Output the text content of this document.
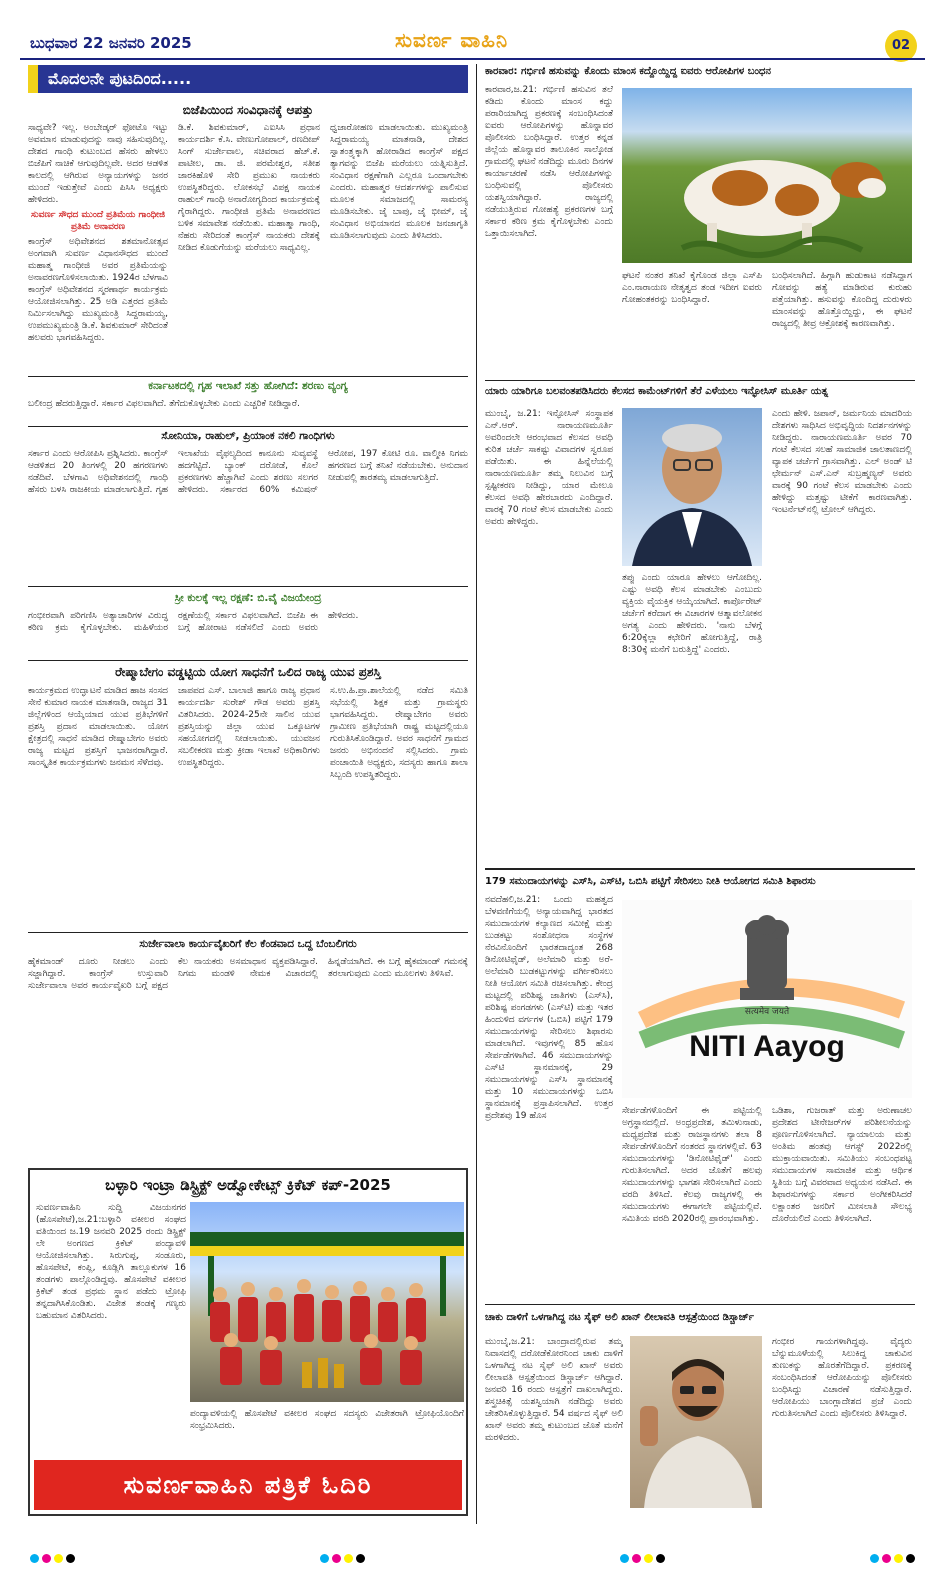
ಬುಧವಾರ 22 ಜನವರಿ 2025	ಸುವರ್ಣ ವಾಹಿನಿ	02
ಮೊದಲನೇ ಪುಟದಿಂದ.....
ಬಿಜೆಪಿಯಿಂದ ಸಂವಿಧಾನಕ್ಕೆ ಆಪತ್ತು
ಸಾಧ್ಯವೇ? ಇಲ್ಲ. ಅಂಬೇಡ್ಕರ್ ಫೋಟೊ ಇಟ್ಟು ಅವಮಾನ ಮಾಡುವುದನ್ನು ನಾವು ಸಹಿಸುವುದಿಲ್ಲ. ದೇಶದ ಗಾಂಧಿ ಕುಟುಂಬದ ಹೆಸರು ಹೇಳಲು ಬಿಜೆಪಿಗೆ ನಾಚಿಕೆ ಆಗುವುದಿಲ್ಲವೇ. ಅದರ ಆಡಳಿತ ಕಾಲದಲ್ಲಿ ಆಗಿರುವ ಅನ್ಯಾಯಗಳನ್ನು ಜನರ ಮುಂದೆ ಇಡುತ್ತೇವೆ ಎಂದು ಪಿಸಿಸಿ ಅಧ್ಯಕ್ಷರು ಹೇಳಿದರು.
ಸುವರ್ಣ ಸೌಧದ ಮುಂದೆ ಪ್ರತಿಮೆಯ ಗಾಂಧೀಜಿ ಪ್ರತಿಮೆ ಅನಾವರಣ
ಕಾಂಗ್ರೆಸ್ ಅಧಿವೇಶನದ ಶತಮಾನೋತ್ಸವ ಅಂಗವಾಗಿ ಸುವರ್ಣ ವಿಧಾನಸೌಧದ ಮುಂದೆ ಮಹಾತ್ಮ ಗಾಂಧೀಜಿ ಅವರ ಪ್ರತಿಮೆಯನ್ನು ಅನಾವರಣಗೊಳಿಸಲಾಯಿತು. 1924ರ ಬೆಳಗಾವಿ ಕಾಂಗ್ರೆಸ್ ಅಧಿವೇಶನದ ಸ್ಮರಣಾರ್ಥ ಕಾರ್ಯಕ್ರಮ ಆಯೋಜಿಸಲಾಗಿತ್ತು. 25 ಅಡಿ ಎತ್ತರದ ಪ್ರತಿಮೆ ನಿರ್ಮಿಸಲಾಗಿದ್ದು ಮುಖ್ಯಮಂತ್ರಿ ಸಿದ್ದರಾಮಯ್ಯ, ಉಪಮುಖ್ಯಮಂತ್ರಿ ಡಿ.ಕೆ. ಶಿವಕುಮಾರ್ ಸೇರಿದಂತೆ ಹಲವರು ಭಾಗವಹಿಸಿದ್ದರು.
ಡಿ.ಕೆ. ಶಿವಕುಮಾರ್, ಎಐಸಿಸಿ ಪ್ರಧಾನ ಕಾರ್ಯದರ್ಶಿ ಕೆ.ಸಿ. ವೇಣುಗೋಪಾಲ್, ರಣದೀಪ್ ಸಿಂಗ್ ಸುರ್ಜೇವಾಲ, ಸಚಿವರಾದ ಹೆಚ್.ಕೆ. ಪಾಟೀಲ, ಡಾ. ಜಿ. ಪರಮೇಶ್ವರ, ಸತೀಶ ಜಾರಕಿಹೊಳಿ ಸೇರಿ ಪ್ರಮುಖ ನಾಯಕರು ಉಪಸ್ಥಿತರಿದ್ದರು. ಲೋಕಸಭೆ ವಿಪಕ್ಷ ನಾಯಕ ರಾಹುಲ್ ಗಾಂಧಿ ಅನಾರೋಗ್ಯದಿಂದ ಕಾರ್ಯಕ್ರಮಕ್ಕೆ ಗೈರಾಗಿದ್ದರು. ಗಾಂಧೀಜಿ ಪ್ರತಿಮೆ ಅನಾವರಣದ ಬಳಿಕ ಸಮಾವೇಶ ನಡೆಯಿತು. ಮಹಾತ್ಮಾ ಗಾಂಧಿ, ನೆಹರು ಸೇರಿದಂತೆ ಕಾಂಗ್ರೆಸ್ ನಾಯಕರು ದೇಶಕ್ಕೆ ನೀಡಿದ ಕೊಡುಗೆಯನ್ನು ಮರೆಯಲು ಸಾಧ್ಯವಿಲ್ಲ.
ಧ್ವಜಾರೋಹಣ ಮಾಡಲಾಯಿತು. ಮುಖ್ಯಮಂತ್ರಿ ಸಿದ್ದರಾಮಯ್ಯ ಮಾತನಾಡಿ, ದೇಶದ ಸ್ವಾತಂತ್ರ್ಯಕ್ಕಾಗಿ ಹೋರಾಡಿದ ಕಾಂಗ್ರೆಸ್ ಪಕ್ಷದ ತ್ಯಾಗವನ್ನು ಬಿಜೆಪಿ ಮರೆಯಲು ಯತ್ನಿಸುತ್ತಿದೆ. ಸಂವಿಧಾನ ರಕ್ಷಣೆಗಾಗಿ ಎಲ್ಲರೂ ಒಂದಾಗಬೇಕು ಎಂದರು. ಮಹಾತ್ಮರ ಆದರ್ಶಗಳನ್ನು ಪಾಲಿಸುವ ಮೂಲಕ ಸಮಾಜದಲ್ಲಿ ಸಾಮರಸ್ಯ ಮೂಡಿಸಬೇಕು. ಜೈ ಬಾಪು, ಜೈ ಭೀಮ್, ಜೈ ಸಂವಿಧಾನ ಅಭಿಯಾನದ ಮೂಲಕ ಜನಜಾಗೃತಿ ಮೂಡಿಸಲಾಗುವುದು ಎಂದು ತಿಳಿಸಿದರು.
ಕರ್ನಾಟಕದಲ್ಲಿ ಗೃಹ ಇಲಾಖೆ ಸತ್ತು ಹೋಗಿದೆ: ಶರಣು ವ್ಯಂಗ್ಯ
ಬಲೀಂದ್ರ ಹೆದರುತ್ತಿದ್ದಾರೆ. ಸರ್ಕಾರ ವಿಫಲವಾಗಿದೆ. ತೆಗೆದುಕೊಳ್ಳಬೇಕು ಎಂದು ಎಚ್ಚರಿಕೆ ನೀಡಿದ್ದಾರೆ.
ಸೋನಿಯಾ, ರಾಹುಲ್, ಪ್ರಿಯಾಂಕ ನಕಲಿ ಗಾಂಧಿಗಳು
ಸರ್ಕಾರ ಎಂದು ಆರೋಪಿಸಿ ಪ್ರಶ್ನಿಸಿದರು. ಕಾಂಗ್ರೆಸ್ ಆಡಳಿತದ 20 ತಿಂಗಳಲ್ಲಿ 20 ಹಗರಣಗಳು ನಡೆದಿವೆ. ಬೆಳಗಾವಿ ಅಧಿವೇಶನದಲ್ಲಿ ಗಾಂಧಿ ಹೆಸರು ಬಳಸಿ ರಾಜಕೀಯ ಮಾಡಲಾಗುತ್ತಿದೆ. ಗೃಹ ಇಲಾಖೆಯ ವೈಫಲ್ಯದಿಂದ ಕಾನೂನು ಸುವ್ಯವಸ್ಥೆ ಹದಗೆಟ್ಟಿದೆ. ಬ್ಯಾಂಕ್ ದರೋಡೆ, ಕೊಲೆ ಪ್ರಕರಣಗಳು ಹೆಚ್ಚಾಗಿವೆ ಎಂದು ಶರಣು ಸಲಗರ ಹೇಳಿದರು. ಸರ್ಕಾರದ 60% ಕಮಿಷನ್ ಆರೋಪ, 197 ಕೋಟಿ ರೂ. ವಾಲ್ಮೀಕಿ ನಿಗಮ ಹಗರಣದ ಬಗ್ಗೆ ತನಿಖೆ ನಡೆಯಬೇಕು. ಅನುದಾನ ನೀಡುವಲ್ಲಿ ತಾರತಮ್ಯ ಮಾಡಲಾಗುತ್ತಿದೆ.
ಸ್ರೀ ಕುಲಕ್ಕೆ ಇಲ್ಲ ರಕ್ಷಣೆ: ಬಿ.ವೈ ವಿಜಯೇಂದ್ರ
ಗಂಭೀರವಾಗಿ ಪರಿಗಣಿಸಿ ಅತ್ಯಾಚಾರಿಗಳ ವಿರುದ್ಧ ಕಠಿಣ ಕ್ರಮ ಕೈಗೊಳ್ಳಬೇಕು. ಮಹಿಳೆಯರ ರಕ್ಷಣೆಯಲ್ಲಿ ಸರ್ಕಾರ ವಿಫಲವಾಗಿದೆ. ಬಿಜೆಪಿ ಈ ಬಗ್ಗೆ ಹೋರಾಟ ನಡೆಸಲಿದೆ ಎಂದು ಅವರು ಹೇಳಿದರು.
ರೇಷ್ಮಾಬೇಗಂ ವಡ್ಡಟ್ಟಿಯ ಯೋಗ ಸಾಧನೆಗೆ ಒಲಿದ ರಾಜ್ಯ ಯುವ ಪ್ರಶಸ್ತಿ
ಕಾರ್ಯಕ್ರಮದ ಉದ್ಘಾಟನೆ ಮಾಡಿದ ಹಾಜ ಸಂಸದ ಸೇನೆ ಕುಮಾರ ನಾಯಕ ಮಾತನಾಡಿ, ರಾಜ್ಯದ 31 ಜಿಲ್ಲೆಗಳಿಂದ ಆಯ್ಕೆಯಾದ ಯುವ ಪ್ರತಿಭೆಗಳಿಗೆ ಪ್ರಶಸ್ತಿ ಪ್ರದಾನ ಮಾಡಲಾಯಿತು. ಯೋಗ ಕ್ಷೇತ್ರದಲ್ಲಿ ಸಾಧನೆ ಮಾಡಿದ ರೇಷ್ಮಾಬೇಗಂ ಅವರು ರಾಜ್ಯ ಮಟ್ಟದ ಪ್ರಶಸ್ತಿಗೆ ಭಾಜನರಾಗಿದ್ದಾರೆ. ಸಾಂಸ್ಕೃತಿಕ ಕಾರ್ಯಕ್ರಮಗಳು ಜನಮನ ಸೆಳೆದವು.
ಜಾಪಪದ ಎಸ್. ಬಾಲಾಜಿ ಹಾಗೂ ರಾಜ್ಯ ಪ್ರಧಾನ ಕಾರ್ಯದರ್ಶಿ ಸುರೇಶ್ ಗೌಡ ಅವರು ಪ್ರಶಸ್ತಿ ವಿತರಿಸಿದರು. 2024-25ನೇ ಸಾಲಿನ ಯುವ ಪ್ರಶಸ್ತಿಯನ್ನು ಜಿಲ್ಲಾ ಯುವ ಒಕ್ಕೂಟಗಳ ಸಹಯೋಗದಲ್ಲಿ ನೀಡಲಾಯಿತು. ಯುವಜನ ಸಬಲೀಕರಣ ಮತ್ತು ಕ್ರೀಡಾ ಇಲಾಖೆ ಅಧಿಕಾರಿಗಳು ಉಪಸ್ಥಿತರಿದ್ದರು.
ಸ.ಉ.ಹಿ.ಪ್ರಾ.ಶಾಲೆಯಲ್ಲಿ ನಡೆದ ಸಮಿತಿ ಸಭೆಯಲ್ಲಿ ಶಿಕ್ಷಕ ಮತ್ತು ಗ್ರಾಮಸ್ಥರು ಭಾಗವಹಿಸಿದ್ದರು. ರೇಷ್ಮಾಬೇಗಂ ಅವರು ಗ್ರಾಮೀಣ ಪ್ರತಿಭೆಯಾಗಿ ರಾಷ್ಟ್ರ ಮಟ್ಟದಲ್ಲಿಯೂ ಗುರುತಿಸಿಕೊಂಡಿದ್ದಾರೆ. ಅವರ ಸಾಧನೆಗೆ ಗ್ರಾಮದ ಜನರು ಅಭಿನಂದನೆ ಸಲ್ಲಿಸಿದರು. ಗ್ರಾಮ ಪಂಚಾಯಿತಿ ಅಧ್ಯಕ್ಷರು, ಸದಸ್ಯರು ಹಾಗೂ ಶಾಲಾ ಸಿಬ್ಬಂದಿ ಉಪಸ್ಥಿತರಿದ್ದರು.
ಸುರ್ಜೇವಾಲಾ ಕಾರ್ಯವೈಖರಿಗೆ ಕೆಲ ಕೆಂಡವಾದ ಒದ್ದ ಬೆಂಬಲಿಗರು
ಹೈಕಮಾಂಡ್ ದೂರು ನೀಡಲು ಎಂದು ಸಜ್ಜಾಗಿದ್ದಾರೆ. ಕಾಂಗ್ರೆಸ್ ಉಸ್ತುವಾರಿ ಸುರ್ಜೇವಾಲಾ ಅವರ ಕಾರ್ಯವೈಖರಿ ಬಗ್ಗೆ ಪಕ್ಷದ ಕೆಲ ನಾಯಕರು ಅಸಮಾಧಾನ ವ್ಯಕ್ತಪಡಿಸಿದ್ದಾರೆ. ನಿಗಮ ಮಂಡಳಿ ನೇಮಕ ವಿಚಾರದಲ್ಲಿ ಹಿನ್ನಡೆಯಾಗಿದೆ. ಈ ಬಗ್ಗೆ ಹೈಕಮಾಂಡ್ ಗಮನಕ್ಕೆ ತರಲಾಗುವುದು ಎಂದು ಮೂಲಗಳು ತಿಳಿಸಿವೆ.
ಬಳ್ಳಾರಿ ಇಂಟ್ರಾ ಡಿಸ್ಟ್ರಿಕ್ಟ್ ಅಡ್ವೋಕೇಟ್ಸ್ ಕ್ರಿಕೆಟ್ ಕಪ್-2025
ಸುವರ್ಣವಾಹಿನಿ ಸುದ್ದಿ ವಿಜಯನಗರ (ಹೊಸಪೇಟೆ),ಜ.21:ಬಳ್ಳಾರಿ ವಕೀಲರ ಸಂಘದ ವತಿಯಿಂದ ಜ.19 ಜನವರಿ 2025 ರಂದು ಡಿಸ್ಟ್ರಿಕ್ಟ್ ಲೇ ಅಂಗಣದ ಕ್ರಿಕೆಟ್ ಪಂದ್ಯಾವಳಿ ಆಯೋಜಿಸಲಾಗಿತ್ತು. ಸಿರುಗುಪ್ಪ, ಸಂಡೂರು, ಹೊಸಪೇಟೆ, ಕಂಪ್ಲಿ, ಕೂಡ್ಲಿಗಿ ತಾಲ್ಲೂಕುಗಳ 16 ತಂಡಗಳು ಪಾಲ್ಗೊಂಡಿದ್ದವು. ಹೊಸಪೇಟೆ ವಕೀಲರ ಕ್ರಿಕೆಟ್ ತಂಡ ಪ್ರಥಮ ಸ್ಥಾನ ಪಡೆದು ಟ್ರೋಫಿ ತನ್ನದಾಗಿಸಿಕೊಂಡಿತು. ವಿಜೇತ ತಂಡಕ್ಕೆ ಗಣ್ಯರು ಬಹುಮಾನ ವಿತರಿಸಿದರು.
ಪಂದ್ಯಾವಳಿಯಲ್ಲಿ ಹೊಸಪೇಟೆ ವಕೀಲರ ಸಂಘದ ಸದಸ್ಯರು ವಿಜೇತರಾಗಿ ಟ್ರೋಫಿಯೊಂದಿಗೆ ಸಂಭ್ರಮಿಸಿದರು.
ಸುವರ್ಣವಾಹಿನಿ ಪತ್ರಿಕೆ ಓದಿರಿ
ಕಾರವಾರ: ಗರ್ಭಿಣಿ ಹಸುವನ್ನು ಕೊಂದು ಮಾಂಸ ಕದ್ದೊಯ್ದಿದ್ದ ಐವರು ಆರೋಪಿಗಳ ಬಂಧನ
ಕಾರವಾರ,ಜ.21: ಗರ್ಭಿಣಿ ಹಸುವಿನ ತಲೆ ಕಡಿದು ಕೊಂದು ಮಾಂಸ ಕದ್ದು ಪರಾರಿಯಾಗಿದ್ದ ಪ್ರಕರಣಕ್ಕೆ ಸಂಬಂಧಿಸಿದಂತೆ ಐವರು ಆರೋಪಿಗಳನ್ನು ಹೊನ್ನಾವರ ಪೊಲೀಸರು ಬಂಧಿಸಿದ್ದಾರೆ. ಉತ್ತರ ಕನ್ನಡ ಜಿಲ್ಲೆಯ ಹೊನ್ನಾವರ ತಾಲೂಕಿನ ಸಾಲ್ಕೋಡ ಗ್ರಾಮದಲ್ಲಿ ಘಟನೆ ನಡೆದಿದ್ದು ಮೂರು ದಿನಗಳ ಕಾರ್ಯಾಚರಣೆ ನಡೆಸಿ ಆರೋಪಿಗಳನ್ನು ಬಂಧಿಸುವಲ್ಲಿ ಪೊಲೀಸರು ಯಶಸ್ವಿಯಾಗಿದ್ದಾರೆ. ರಾಜ್ಯದಲ್ಲಿ ನಡೆಯುತ್ತಿರುವ ಗೋಹತ್ಯೆ ಪ್ರಕರಣಗಳ ಬಗ್ಗೆ ಸರ್ಕಾರ ಕಠಿಣ ಕ್ರಮ ಕೈಗೊಳ್ಳಬೇಕು ಎಂದು ಒತ್ತಾಯಿಸಲಾಗಿದೆ.
ಘಟನೆ ನಂತರ ತನಿಖೆ ಕೈಗೊಂಡ ಜಿಲ್ಲಾ ಎಸ್‌ಪಿ ಎಂ.ನಾರಾಯಣ ನೇತೃತ್ವದ ತಂಡ ಇದೀಗ ಐವರು ಗೋಹಂತಕರನ್ನು ಬಂಧಿಸಿದ್ದಾರೆ.
ಬಂಧಿಸಲಾಗಿದೆ. ಹಿಗ್ಗಾಗಿ ಹುಡುಕಾಟ ನಡೆಸಿದ್ದಾಗ ಗೋವನ್ನು ಹತ್ಯೆ ಮಾಡಿರುವ ಕುರುಹು ಪತ್ತೆಯಾಗಿತ್ತು. ಹಸುವನ್ನು ಕೊಂದಿದ್ದ ದುರುಳರು ಮಾಂಸವನ್ನು ಹೊತ್ತೊಯ್ದಿದ್ದು, ಈ ಘಟನೆ ರಾಜ್ಯದಲ್ಲಿ ತೀವ್ರ ಆಕ್ರೋಶಕ್ಕೆ ಕಾರಣವಾಗಿತ್ತು.
ಯಾರು ಯಾರಿಗೂ ಬಲವಂತಪಡಿಸಿದರು ಕೆಲಸದ ಕಾಮೆಂಟ್‌ಗಳಿಗೆ ತೆರೆ ಎಳೆಯಲು ಇನ್ಫೋಸಿಸ್ ಮೂರ್ತಿ ಯತ್ನ
ಮುಂಬೈ, ಜ.21: ಇನ್ಫೋಸಿಸ್ ಸಂಸ್ಥಾಪಕ ಎನ್.ಆರ್. ನಾರಾಯಣಮೂರ್ತಿ ಅವರಿಂದಲೇ ಆರಂಭವಾದ ಕೆಲಸದ ಅವಧಿ ಕುರಿತ ಚರ್ಚೆ ಸಾಕಷ್ಟು ವಿವಾದಗಳ ಸ್ವರೂಪ ಪಡೆಯಿತು. ಈ ಹಿನ್ನೆಲೆಯಲ್ಲಿ ನಾರಾಯಣಮೂರ್ತಿ ತಮ್ಮ ನಿಲುವಿನ ಬಗ್ಗೆ ಸ್ಪಷ್ಟೀಕರಣ ನೀಡಿದ್ದು, ಯಾರ ಮೇಲೂ ಕೆಲಸದ ಅವಧಿ ಹೇರಬಾರದು ಎಂದಿದ್ದಾರೆ. ವಾರಕ್ಕೆ 70 ಗಂಟೆ ಕೆಲಸ ಮಾಡಬೇಕು ಎಂದು ಅವರು ಹೇಳಿದ್ದರು.
ತಪ್ಪು ಎಂದು ಯಾರೂ ಹೇಳಲು ಆಗೋದಿಲ್ಲ. ಎಷ್ಟು ಅವಧಿ ಕೆಲಸ ಮಾಡಬೇಕು ಎಂಬುದು ವ್ಯಕ್ತಿಯ ವೈಯಕ್ತಿಕ ಆಯ್ಕೆಯಾಗಿದೆ. ಕಾರ್ಪೊರೇಟ್ ಚರ್ಚೆಗೆ ಕರೆದಾಗ ಈ ವಿಚಾರಗಳ ಆತ್ಮಾವಲೋಕನ ಅಗತ್ಯ ಎಂದು ಹೇಳಿದರು. 'ನಾನು ಬೆಳಗ್ಗೆ 6:20ಕ್ಕೆಲ್ಲಾ ಕಛೇರಿಗೆ ಹೋಗುತ್ತಿದ್ದೆ, ರಾತ್ರಿ 8:30ಕ್ಕೆ ಮನೆಗೆ ಬರುತ್ತಿದ್ದೆ' ಎಂದರು.
ಎಂದು ಹೇಳಿ. ಜಪಾನ್, ಜರ್ಮನಿಯ ಮಾದರಿಯ ದೇಶಗಳು ಸಾಧಿಸಿದ ಅಭಿವೃದ್ಧಿಯ ನಿದರ್ಶನಗಳನ್ನು ನೀಡಿದ್ದರು. ನಾರಾಯಣಮೂರ್ತಿ ಅವರ 70 ಗಂಟೆ ಕೆಲಸದ ಸಲಹೆ ಸಾಮಾಜಿಕ ಜಾಲತಾಣದಲ್ಲಿ ವ್ಯಾಪಕ ಚರ್ಚೆಗೆ ಗ್ರಾಸವಾಗಿತ್ತು. ಎಲ್ ಅಂಡ್ ಟಿ ಛೇರ್ಮನ್ ಎಸ್.ಎನ್ ಸುಬ್ರಹ್ಮಣ್ಯನ್ ಅವರು ವಾರಕ್ಕೆ 90 ಗಂಟೆ ಕೆಲಸ ಮಾಡಬೇಕು ಎಂದು ಹೇಳಿದ್ದು ಮತ್ತಷ್ಟು ಟೀಕೆಗೆ ಕಾರಣವಾಗಿತ್ತು. ಇಂಟರ್ನೆಟ್‌ನಲ್ಲಿ ಟ್ರೋಲ್ ಆಗಿದ್ದರು.
179 ಸಮುದಾಯಗಳನ್ನು ಎಸ್‌ಸಿ, ಎಸ್‌ಟಿ, ಒಬಿಸಿ ಪಟ್ಟಿಗೆ ಸೇರಿಸಲು ನೀತಿ ಆಯೋಗದ ಸಮಿತಿ ಶಿಫಾರಸು
ನವದೆಹಲಿ,ಜ.21: ಒಂದು ಮಹತ್ವದ ಬೆಳವಣಿಗೆಯಲ್ಲಿ ಅನ್ಯಾಯವಾಗಿದ್ದ ಭಾರತದ ಸಮುದಾಯಗಳ ಕಲ್ಯಾಣದ ಸಮೀಕ್ಷೆ ಮತ್ತು ಬುಡಕಟ್ಟು ಸಂಶೋಧನಾ ಸಂಸ್ಥೆಗಳ ನೆರವಿನೊಂದಿಗೆ ಭಾರತದಾದ್ಯಂತ 268 ಡಿನೋಟಿಫೈಡ್, ಅಲೆಮಾರಿ ಮತ್ತು ಅರೆ-ಅಲೆಮಾರಿ ಬುಡಕಟ್ಟುಗಳನ್ನು ವರ್ಗೀಕರಿಸಲು ನೀತಿ ಆಯೋಗ ಸಮಿತಿ ರಚಿಸಲಾಗಿತ್ತು. ಕೇಂದ್ರ ಮಟ್ಟದಲ್ಲಿ ಪರಿಶಿಷ್ಟ ಜಾತಿಗಳು (ಎಸ್‌ಸಿ), ಪರಿಶಿಷ್ಟ ಪಂಗಡಗಳು (ಎಸ್‌ಟಿ) ಮತ್ತು ಇತರ ಹಿಂದುಳಿದ ವರ್ಗಗಳ (ಒಬಿಸಿ) ಪಟ್ಟಿಗೆ 179 ಸಮುದಾಯಗಳನ್ನು ಸೇರಿಸಲು ಶಿಫಾರಸು ಮಾಡಲಾಗಿದೆ. ಇವುಗಳಲ್ಲಿ 85 ಹೊಸ ಸೇರ್ಪಡೆಗಳಾಗಿವೆ. 46 ಸಮುದಾಯಗಳನ್ನು ಎಸ್‌ಟಿ ಸ್ಥಾನಮಾನಕ್ಕೆ, 29 ಸಮುದಾಯಗಳನ್ನು ಎಸ್‌ಸಿ ಸ್ಥಾನಮಾನಕ್ಕೆ ಮತ್ತು 10 ಸಮುದಾಯಗಳನ್ನು ಒಬಿಸಿ ಸ್ಥಾನಮಾನಕ್ಕೆ ಪ್ರಸ್ತಾಪಿಸಲಾಗಿದೆ. ಉತ್ತರ ಪ್ರದೇಶವು 19 ಹೊಸ
सत्यमेव जयते
NITI Aayog
ಸೇರ್ಪಡೆಗಳೊಂದಿಗೆ ಈ ಪಟ್ಟಿಯಲ್ಲಿ ಅಗ್ರಸ್ಥಾನದಲ್ಲಿದೆ. ಅಂಧ್ರಪ್ರದೇಶ, ತಮಿಳುನಾಡು, ಮಧ್ಯಪ್ರದೇಶ ಮತ್ತು ರಾಜಸ್ಥಾನಗಳು ತಲಾ 8 ಸೇರ್ಪಡೆಗಳೊಂದಿಗೆ ನಂತರದ ಸ್ಥಾನಗಳಲ್ಲಿವೆ. 63 ಸಮುದಾಯಗಳನ್ನು 'ಡಿನೋಟಿಫೈಡ್' ಎಂದು ಗುರುತಿಸಲಾಗಿದೆ. ಅದರ ಜೊತೆಗೆ ಹಲವು ಸಮುದಾಯಗಳನ್ನು ಭಾಗಶಃ ಸೇರಿಸಲಾಗಿದೆ ಎಂದು ವರದಿ ತಿಳಿಸಿದೆ. ಕೆಲವು ರಾಜ್ಯಗಳಲ್ಲಿ ಈ ಸಮುದಾಯಗಳು ಈಗಾಗಲೇ ಪಟ್ಟಿಯಲ್ಲಿವೆ. ಸಮಿತಿಯ ವರದಿ 2020ರಲ್ಲಿ ಪ್ರಾರಂಭವಾಗಿತ್ತು.
ಒಡಿಶಾ, ಗುಜರಾತ್ ಮತ್ತು ಅರುಣಾಚಲ ಪ್ರದೇಶದ ಟೀನೇಜರ್‌ಗಳ ಪರಿಶೀಲನೆಯನ್ನು ಪೂರ್ಣಗೊಳಿಸಲಾಗಿದೆ. ನ್ಯಾಯಾಲಯ ಮತ್ತು ಅಂತಿಮ ಹಂತವು ಆಗಸ್ಟ್ 2022ರಲ್ಲಿ ಮುಕ್ತಾಯವಾಯಿತು. ಸಮಿತಿಯು ಸಂಬಂಧಪಟ್ಟ ಸಮುದಾಯಗಳ ಸಾಮಾಜಿಕ ಮತ್ತು ಆರ್ಥಿಕ ಸ್ಥಿತಿಯ ಬಗ್ಗೆ ವಿವರವಾದ ಅಧ್ಯಯನ ನಡೆಸಿದೆ. ಈ ಶಿಫಾರಸುಗಳನ್ನು ಸರ್ಕಾರ ಅಂಗೀಕರಿಸಿದರೆ ಲಕ್ಷಾಂತರ ಜನರಿಗೆ ಮೀಸಲಾತಿ ಸೌಲಭ್ಯ ದೊರೆಯಲಿದೆ ಎಂದು ತಿಳಿಸಲಾಗಿದೆ.
ಚಾಕು ದಾಳಿಗೆ ಒಳಗಾಗಿದ್ದ ನಟ ಸೈಫ್ ಅಲಿ ಖಾನ್ ಲೀಲಾವತಿ ಆಸ್ಪತ್ರೆಯಿಂದ ಡಿಸ್ಚಾರ್ಜ್
ಮುಂಬೈ,ಜ.21: ಬಾಂದ್ರಾದಲ್ಲಿರುವ ತಮ್ಮ ನಿವಾಸದಲ್ಲಿ ದರೋಡೆಕೋರನಿಂದ ಚಾಕು ದಾಳಿಗೆ ಒಳಗಾಗಿದ್ದ ನಟ ಸೈಫ್ ಅಲಿ ಖಾನ್ ಅವರು ಲೀಲಾವತಿ ಆಸ್ಪತ್ರೆಯಿಂದ ಡಿಸ್ಚಾರ್ಜ್ ಆಗಿದ್ದಾರೆ. ಜನವರಿ 16 ರಂದು ಆಸ್ಪತ್ರೆಗೆ ದಾಖಲಾಗಿದ್ದರು. ಶಸ್ತ್ರಚಿಕಿತ್ಸೆ ಯಶಸ್ವಿಯಾಗಿ ನಡೆದಿದ್ದು ಅವರು ಚೇತರಿಸಿಕೊಳ್ಳುತ್ತಿದ್ದಾರೆ. 54 ವರ್ಷದ ಸೈಫ್ ಅಲಿ ಖಾನ್ ಅವರು ತಮ್ಮ ಕುಟುಂಬದ ಜೊತೆ ಮನೆಗೆ ಮರಳಿದರು.
ಗಂಭೀರ ಗಾಯಗಳಾಗಿದ್ದವು. ವೈದ್ಯರು ಬೆನ್ನುಮೂಳೆಯಲ್ಲಿ ಸಿಲುಕಿದ್ದ ಚಾಕುವಿನ ತುಣುಕನ್ನು ಹೊರತೆಗೆದಿದ್ದಾರೆ. ಪ್ರಕರಣಕ್ಕೆ ಸಂಬಂಧಿಸಿದಂತೆ ಆರೋಪಿಯನ್ನು ಪೊಲೀಸರು ಬಂಧಿಸಿದ್ದು ವಿಚಾರಣೆ ನಡೆಸುತ್ತಿದ್ದಾರೆ. ಆರೋಪಿಯು ಬಾಂಗ್ಲಾದೇಶದ ಪ್ರಜೆ ಎಂದು ಗುರುತಿಸಲಾಗಿದೆ ಎಂದು ಪೊಲೀಸರು ತಿಳಿಸಿದ್ದಾರೆ.
